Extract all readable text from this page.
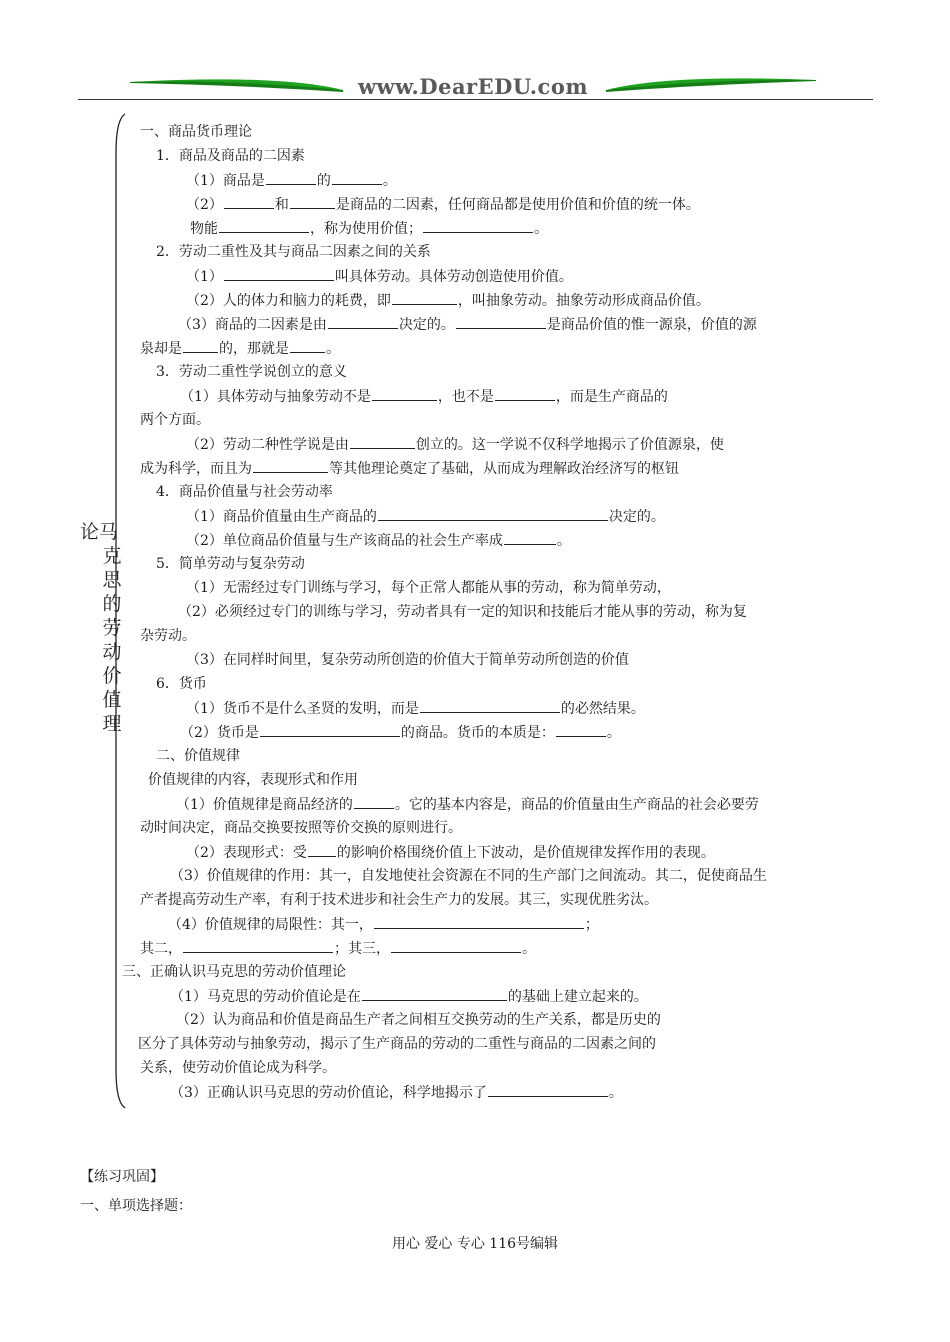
www.DearEDU.com
论马
克
思
的
劳
动
价
值
理
一、商品货币理论
1．商品及商品的二因素
（1）商品是	的	。
（2）	和	是商品的二因素，任何商品都是使用价值和价值的统一体。
物能	，称为使用价值；	。
2．劳动二重性及其与商品二因素之间的关系
（1）	叫具体劳动。具体劳动创造使用价值。
（2）人的体力和脑力的耗费，即	，叫抽象劳动。抽象劳动形成商品价值。
（3）商品的二因素是由	决定的。	是商品价值的惟一源泉，价值的源
泉却是	的，那就是	。
3．劳动二重性学说创立的意义
（1）具体劳动与抽象劳动不是	，也不是	，而是生产商品的
两个方面。
（2）劳动二种性学说是由	创立的。这一学说不仅科学地揭示了价值源泉，使
成为科学，而且为	等其他理论奠定了基础，从而成为理解政治经济写的枢钮
4．商品价值量与社会劳动率
（1）商品价值量由生产商品的	决定的。
（2）单位商品价值量与生产该商品的社会生产率成	。
5．简单劳动与复杂劳动
（1）无需经过专门训练与学习，每个正常人都能从事的劳动，称为简单劳动，
（2）必须经过专门的训练与学习，劳动者具有一定的知识和技能后才能从事的劳动，称为复
杂劳动。
（3）在同样时间里，复杂劳动所创造的价值大于简单劳动所创造的价值
6．货币
（1）货币不是什么圣贤的发明，而是	的必然结果。
（2）货币是	的商品。货币的本质是：	。
二、价值规律
价值规律的内容，表现形式和作用
（1）价值规律是商品经济的	。它的基本内容是，商品的价值量由生产商品的社会必要劳
动时间决定，商品交换要按照等价交换的原则进行。
（2）表现形式：受 的影响价格围绕价值上下波动，是价值规律发挥作用的表现。
（3）价值规律的作用：其一，自发地使社会资源在不同的生产部门之间流动。其二，促使商品生
产者提高劳动生产率，有利于技术进步和社会生产力的发展。其三，实现优胜劣汰。
（4）价值规律的局限性：其一，	；
其二，	；其三，	。
三、正确认识马克思的劳动价值理论
（1）马克思的劳动价值论是在	的基础上建立起来的。
（2）认为商品和价值是商品生产者之间相互交换劳动的生产关系，都是历史的
区分了具体劳动与抽象劳动，揭示了生产商品的劳动的二重性与商品的二因素之间的
关系，使劳动价值论成为科学。
（3）正确认识马克思的劳动价值论，科学地揭示了	。
【练习巩固】
一、单项选择题：
用心 爱心 专心 116号编辑
